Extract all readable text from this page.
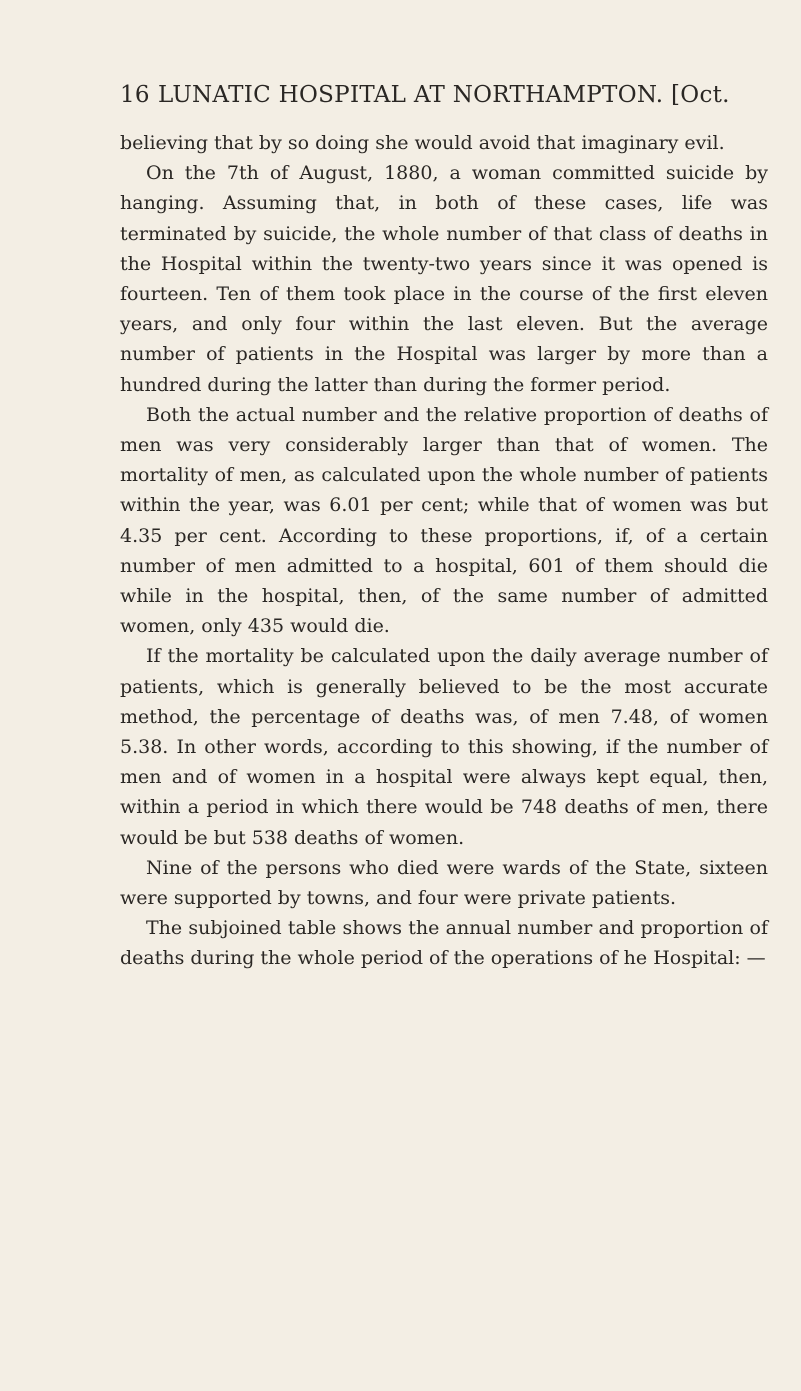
16 LUNATIC HOSPITAL AT NORTHAMPTON. [Oct.

believing that by so doing she would avoid that imaginary evil.

On the 7th of August, 1880, a woman committed suicide by hanging. Assuming that, in both of these cases, life was terminated by suicide, the whole number of that class of deaths in the Hospital within the twenty-two years since it was opened is fourteen. Ten of them took place in the course of the first eleven years, and only four within the last eleven. But the average number of patients in the Hospital was larger by more than a hundred during the latter than during the former period.

Both the actual number and the relative proportion of deaths of men was very considerably larger than that of women. The mortality of men, as calculated upon the whole number of patients within the year, was 6.01 per cent; while that of women was but 4.35 per cent. According to these proportions, if, of a certain number of men admitted to a hospital, 601 of them should die while in the hospital, then, of the same number of admitted women, only 435 would die.

If the mortality be calculated upon the daily average number of patients, which is generally believed to be the most accurate method, the percentage of deaths was, of men 7.48, of women 5.38. In other words, according to this showing, if the number of men and of women in a hospital were always kept equal, then, within a period in which there would be 748 deaths of men, there would be but 538 deaths of women.

Nine of the persons who died were wards of the State, sixteen were supported by towns, and four were private patients.

The subjoined table shows the annual number and proportion of deaths during the whole period of the operations of he Hospital: —
